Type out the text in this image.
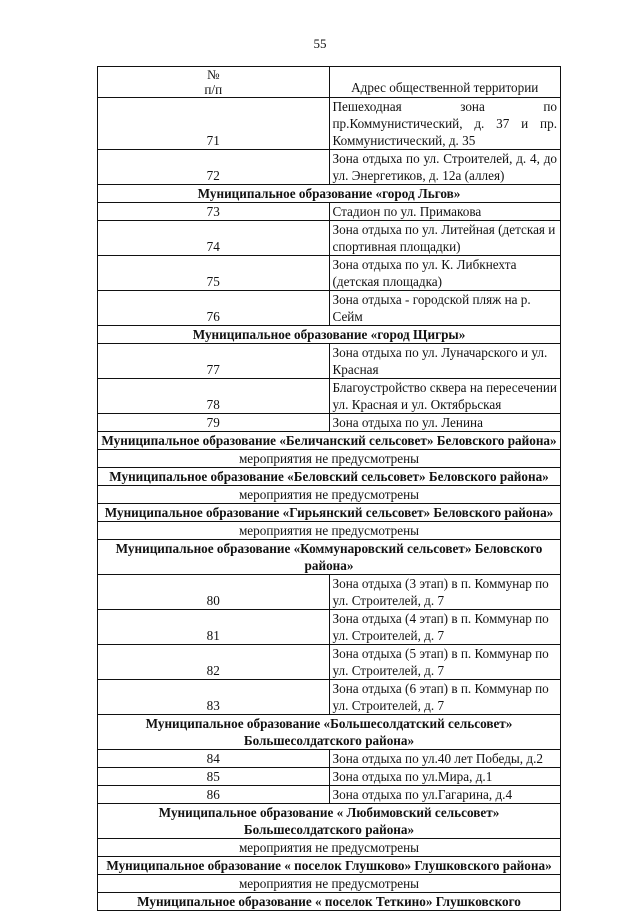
55
№
п/п	Адрес общественной территории
71	Пешеходная зона по пр.Коммунистический, д. 37 и пр. Коммунистический, д. 35
72	Зона отдыха по ул. Строителей, д. 4, до ул. Энергетиков, д. 12а (аллея)
Муниципальное образование «город Льгов»	
73	Стадион по ул. Примакова
74	Зона отдыха по ул. Литейная (детская и спортивная площадки)
75	Зона отдыха по ул. К. Либкнехта (детская площадка)
76	Зона отдыха - городской пляж на р. Сейм
Муниципальное образование «город Щигры»	
77	Зона отдыха по ул. Луначарского и ул. Красная
78	Благоустройство сквера на пересечении ул. Красная и ул. Октябрьская
79	Зона отдыха по ул. Ленина
Муниципальное образование «Беличанский сельсовет» Беловского района»	
мероприятия не предусмотрены	
Муниципальное образование «Беловский сельсовет» Беловского района»	
мероприятия не предусмотрены	
Муниципальное образование «Гирьянский сельсовет» Беловского района»	
мероприятия не предусмотрены	
Муниципальное образование «Коммунаровский сельсовет» Беловского района»	
80	Зона отдыха (3 этап) в п. Коммунар по ул. Строителей, д. 7
81	Зона отдыха (4 этап) в п. Коммунар по ул. Строителей, д. 7
82	Зона отдыха (5 этап) в п. Коммунар по ул. Строителей, д. 7
83	Зона отдыха (6 этап) в п. Коммунар по ул. Строителей, д. 7
Муниципальное образование «Большесолдатский сельсовет» Большесолдатского района»	
84	Зона отдыха по ул.40 лет Победы, д.2
85	Зона отдыха по ул.Мира, д.1
86	Зона отдыха по ул.Гагарина, д.4
Муниципальное образование « Любимовский сельсовет» Большесолдатского района»	
мероприятия не предусмотрены	
Муниципальное образование « поселок Глушково» Глушковского района»	
мероприятия не предусмотрены	
Муниципальное образование « поселок Теткино» Глушковского	
